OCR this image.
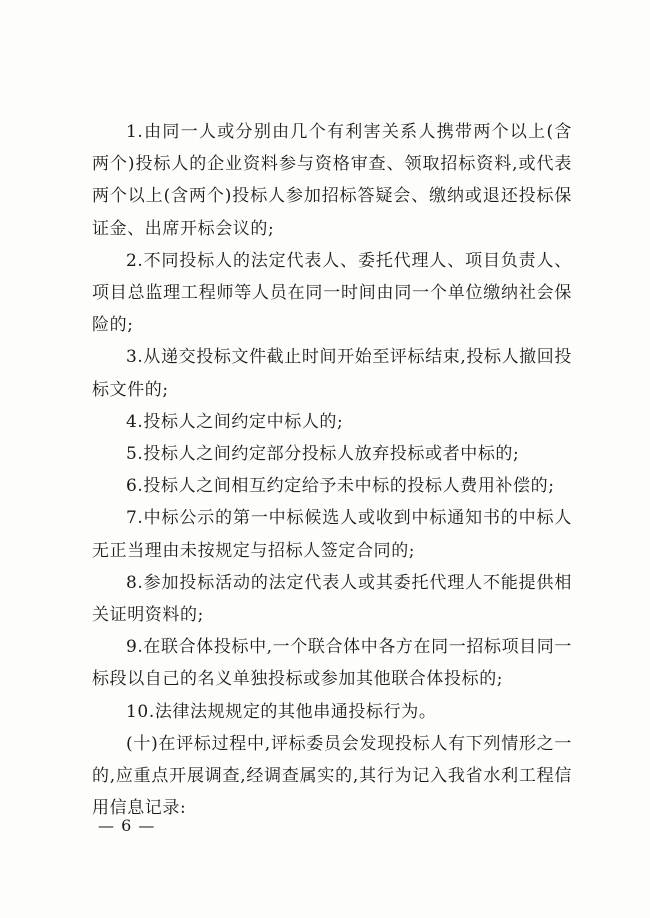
1.由同一人或分别由几个有利害关系人携带两个以上(含两个)投标人的企业资料参与资格审查、领取招标资料,或代表两个以上(含两个)投标人参加招标答疑会、缴纳或退还投标保证金、出席开标会议的;

2.不同投标人的法定代表人、委托代理人、项目负责人、项目总监理工程师等人员在同一时间由同一个单位缴纳社会保险的;

3.从递交投标文件截止时间开始至评标结束,投标人撤回投标文件的;

4.投标人之间约定中标人的;

5.投标人之间约定部分投标人放弃投标或者中标的;

6.投标人之间相互约定给予未中标的投标人费用补偿的;

7.中标公示的第一中标候选人或收到中标通知书的中标人无正当理由未按规定与招标人签定合同的;

8.参加投标活动的法定代表人或其委托代理人不能提供相关证明资料的;

9.在联合体投标中,一个联合体中各方在同一招标项目同一标段以自己的名义单独投标或参加其他联合体投标的;

10.法律法规规定的其他串通投标行为。

(十)在评标过程中,评标委员会发现投标人有下列情形之一的,应重点开展调查,经调查属实的,其行为记入我省水利工程信用信息记录:

— 6 —
